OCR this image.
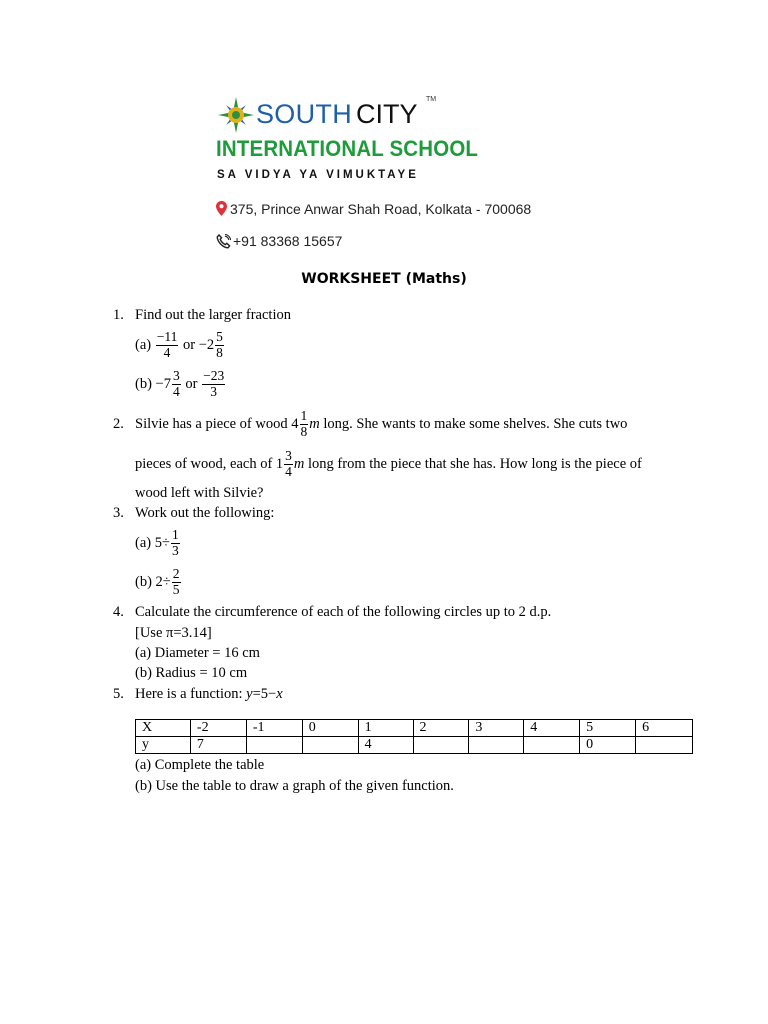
SOUTH CITY TM
INTERNATIONAL SCHOOL
SA VIDYA YA VIMUKTAYE
375, Prince Anwar Shah Road, Kolkata - 700068
+91 83368 15657
WORKSHEET (Maths)
1. Find out the larger fraction
(a)
$\frac{-11}{4}$
or
$-2 \frac{5}{8}$
(b)
$-7 \frac{3}{4}$
or
$\frac{-23}{3}$
2. Silvie has a piece of wood $4 \frac{1}{8}$ m
long. She wants to make some shelves. She cuts two
pieces of wood, each of $1 \frac{3}{4}$ m
long from the piece that she has. How long is the piece of
wood left with Silvie?
3. Work out the following:
(a)
$5\div \frac{1}{3}$
(b)
$2\div \frac{2}{5}$
4. Calculate the circumference of each of the following circles up to 2 d.p.
[Use π=3.14]
(a) Diameter = 16 cm
(b) Radius = 10 cm
5. Here is a function: y=5−x
X	-2	-1	0	1	2	3	4	5	6
y	7			4				0	
(a) Complete the table
(b) Use the table to draw a graph of the given function.
